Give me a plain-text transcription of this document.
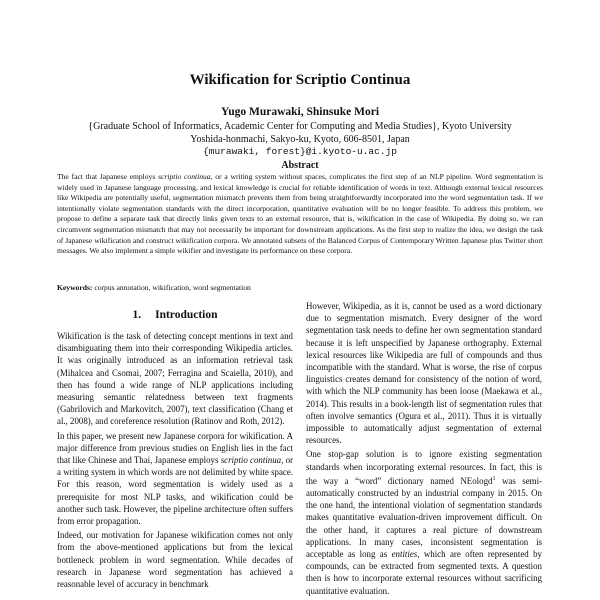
Wikification for Scriptio Continua
Yugo Murawaki, Shinsuke Mori
{Graduate School of Informatics, Academic Center for Computing and Media Studies}, Kyoto University
Yoshida-honmachi, Sakyo-ku, Kyoto, 606-8501, Japan
{murawaki, forest}@i.kyoto-u.ac.jp
Abstract

The fact that Japanese employs scriptio continua, or a writing system without spaces, complicates the first step of an NLP pipeline. Word segmentation is widely used in Japanese language processing, and lexical knowledge is crucial for reliable identification of words in text. Although external lexical resources like Wikipedia are potentially useful, segmentation mismatch prevents them from being straightforwardly incorporated into the word segmentation task. If we intentionally violate segmentation standards with the direct incorporation, quantitative evaluation will be no longer feasible. To address this problem, we propose to define a separate task that directly links given texts to an external resource, that is, wikification in the case of Wikipedia. By doing so, we can circumvent segmentation mismatch that may not necessarily be important for downstream applications. As the first step to realize the idea, we design the task of Japanese wikification and construct wikification corpora. We annotated subsets of the Balanced Corpus of Contemporary Written Japanese plus Twitter short messages. We also implement a simple wikifier and investigate its performance on these corpora.

Keywords: corpus annotation, wikification, word segmentation
1. Introduction

Wikification is the task of detecting concept mentions in text and disambiguating them into their corresponding Wikipedia articles. It was originally introduced as an information retrieval task (Mihalcea and Csomai, 2007; Ferragina and Scaiella, 2010), and then has found a wide range of NLP applications including measuring semantic relatedness between text fragments (Gabrilovich and Markovitch, 2007), text classification (Chang et al., 2008), and coreference resolution (Ratinov and Roth, 2012).

In this paper, we present new Japanese corpora for wikification. A major difference from previous studies on English lies in the fact that like Chinese and Thai, Japanese employs scriptio continua, or a writing system in which words are not delimited by white space. For this reason, word segmentation is widely used as a prerequisite for most NLP tasks, and wikification could be another such task. However, the pipeline architecture often suffers from error propagation.

Indeed, our motivation for Japanese wikification comes not only from the above-mentioned applications but from the lexical bottleneck problem in word segmentation. While decades of research in Japanese word segmentation has achieved a reasonable level of accuracy in benchmark

However, Wikipedia, as it is, cannot be used as a word dictionary due to segmentation mismatch. Every designer of the word segmentation task needs to define her own segmentation standard because it is left unspecified by Japanese orthography. External lexical resources like Wikipedia are full of compounds and thus incompatible with the standard. What is worse, the rise of corpus linguistics creates demand for consistency of the notion of word, with which the NLP community has been loose (Maekawa et al., 2014). This results in a book-length list of segmentation rules that often involve semantics (Ogura et al., 2011). Thus it is virtually impossible to automatically adjust segmentation of external resources.

One stop-gap solution is to ignore existing segmentation standards when incorporating external resources. In fact, this is the way a “word” dictionary named NEologd$^1$ was semi-automatically constructed by an industrial company in 2015. On the one hand, the intentional violation of segmentation standards makes quantitative evaluation-driven improvement difficult. On the other hand, it captures a real picture of downstream applications. In many cases, inconsistent segmentation is acceptable as long as entities, which are often represented by compounds, can be extracted from segmented texts. A question then is how to incorporate external resources without sacrificing quantitative evaluation.
